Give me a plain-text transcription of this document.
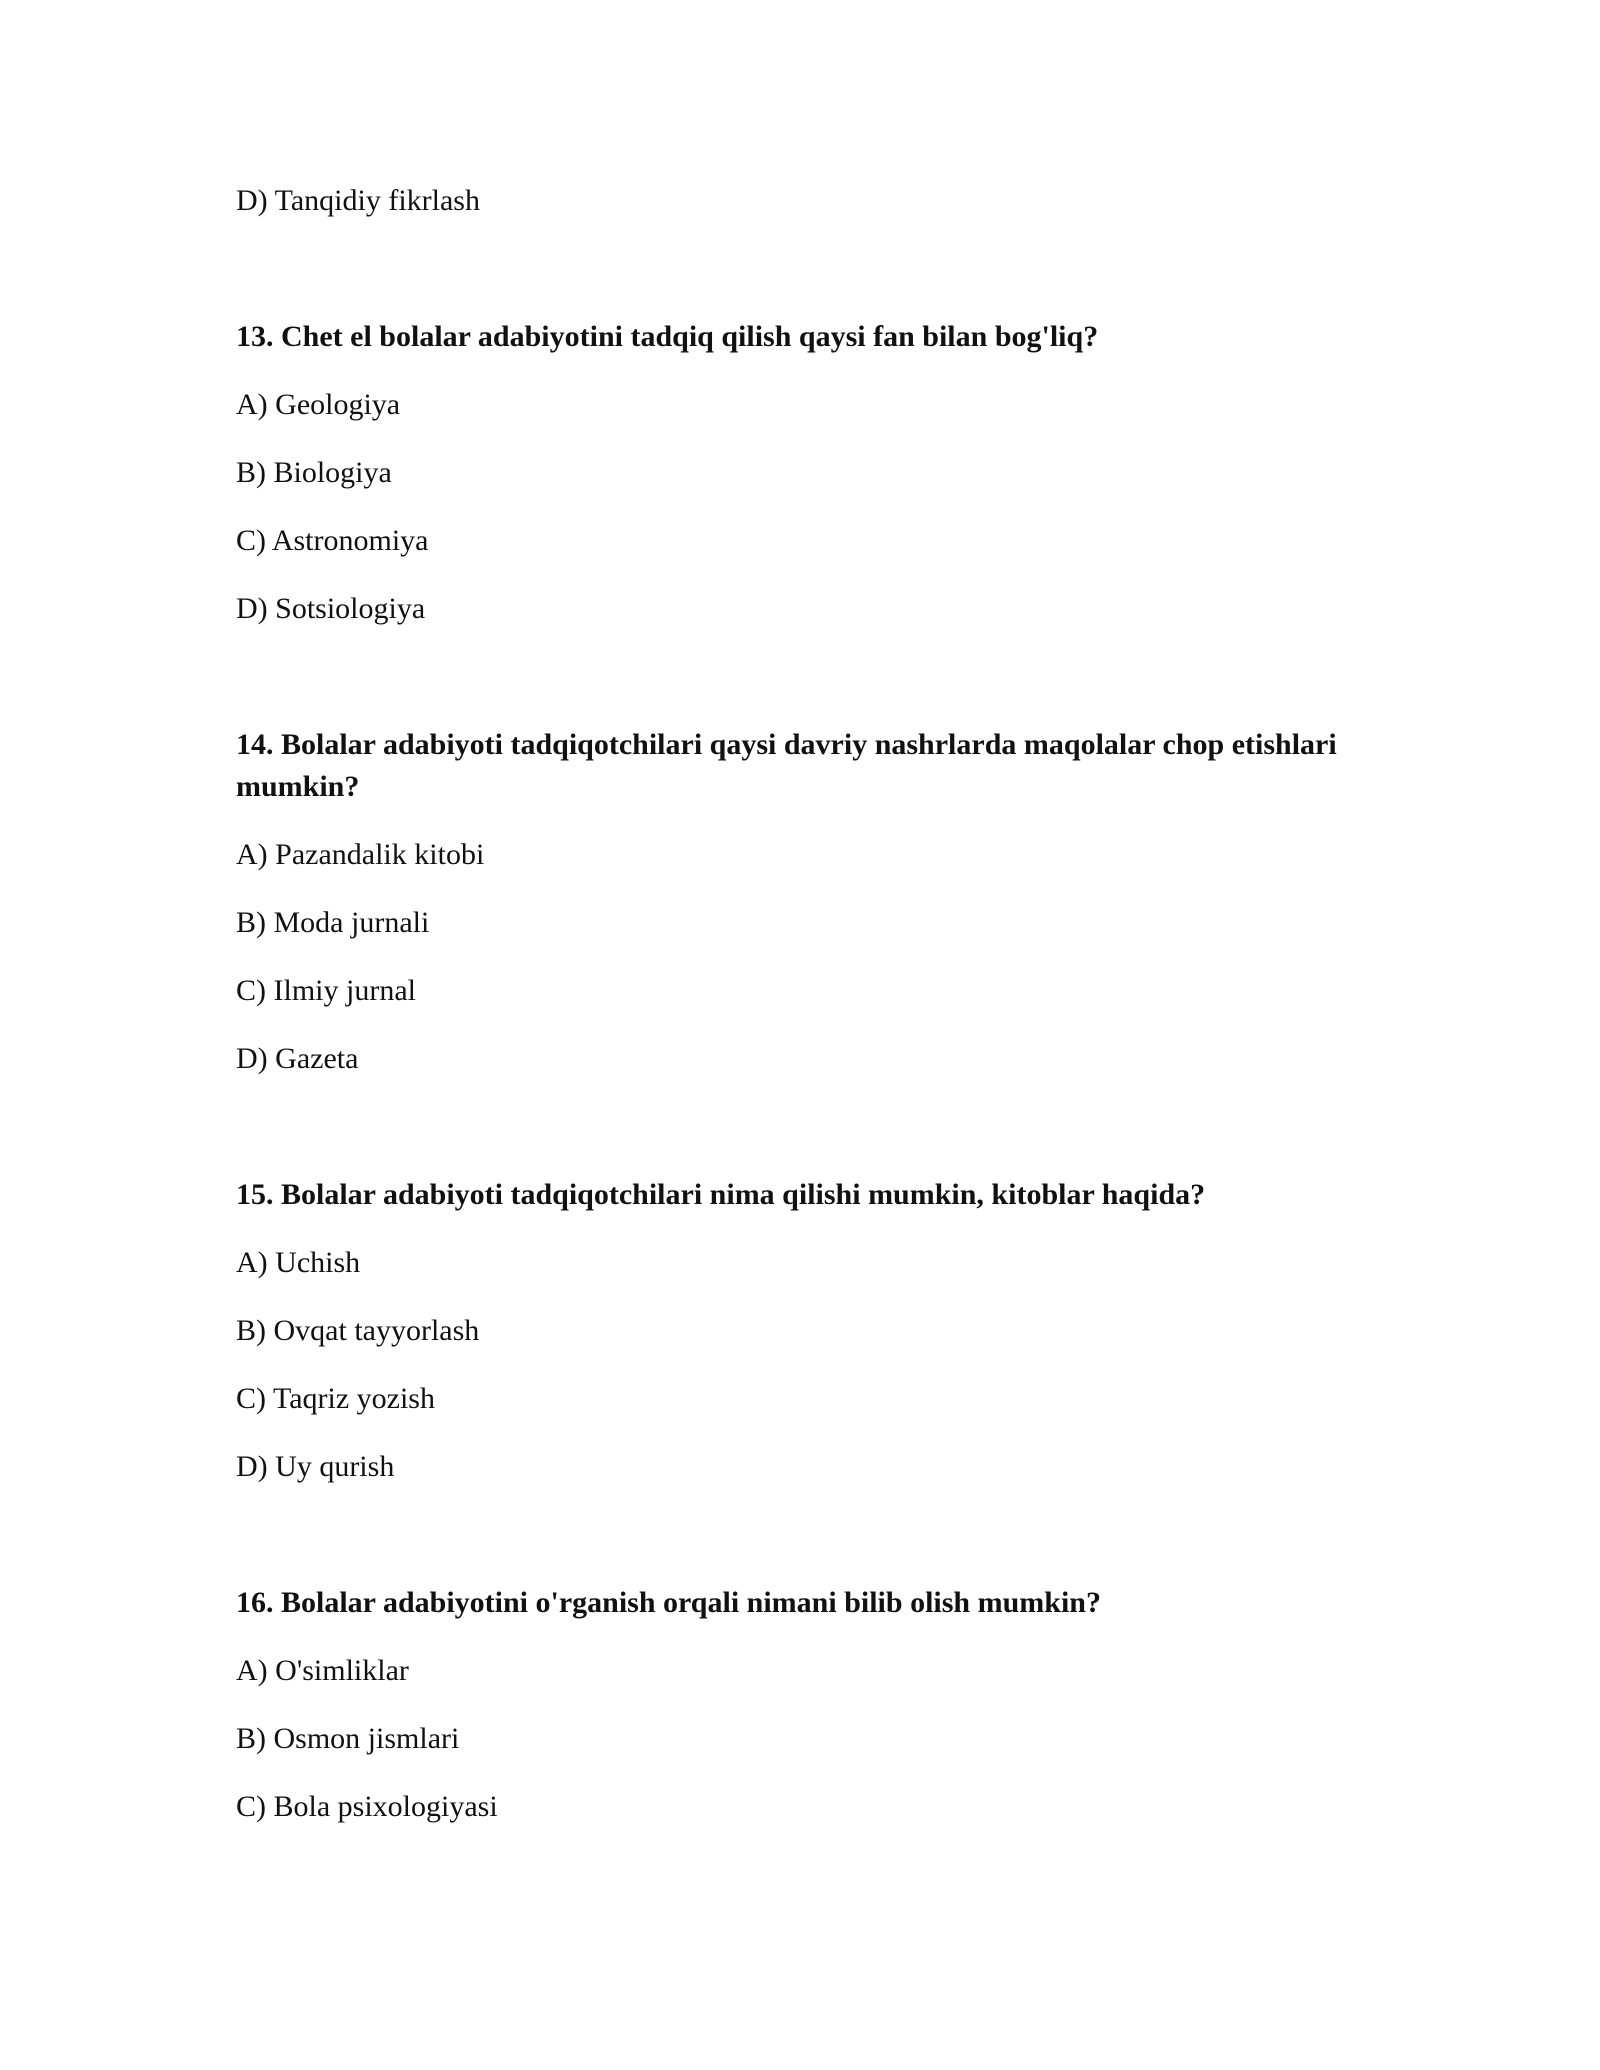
D) Tanqidiy fikrlash

13. Chet el bolalar adabiyotini tadqiq qilish qaysi fan bilan bog'liq?

A) Geologiya

B) Biologiya

C) Astronomiya

D) Sotsiologiya

14. Bolalar adabiyoti tadqiqotchilari qaysi davriy nashrlarda maqolalar chop etishlari mumkin?

A) Pazandalik kitobi

B) Moda jurnali

C) Ilmiy jurnal

D) Gazeta

15. Bolalar adabiyoti tadqiqotchilari nima qilishi mumkin, kitoblar haqida?

A) Uchish

B) Ovqat tayyorlash

C) Taqriz yozish

D) Uy qurish

16. Bolalar adabiyotini o'rganish orqali nimani bilib olish mumkin?

A) O'simliklar

B) Osmon jismlari

C) Bola psixologiyasi
